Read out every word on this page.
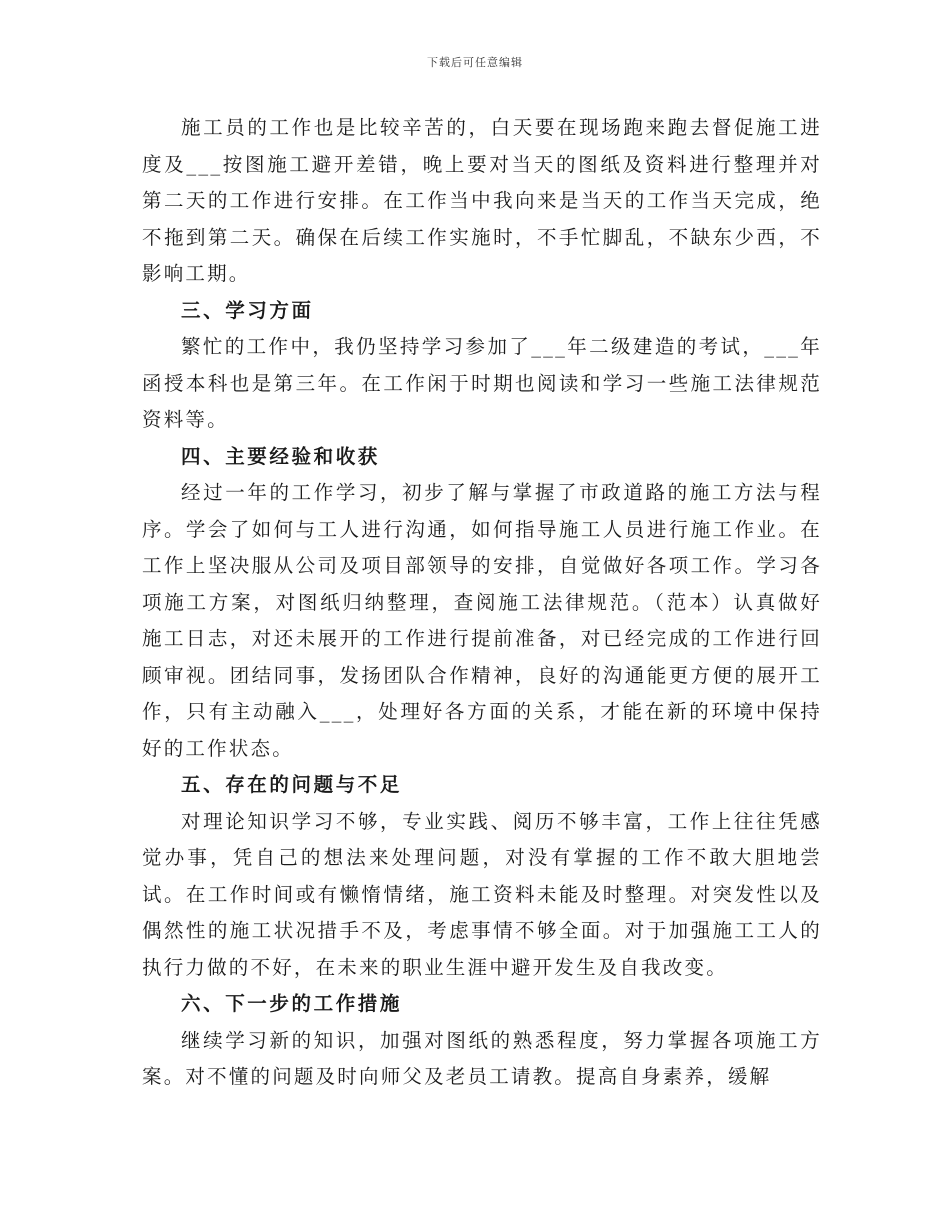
下载后可任意编辑

施工员的工作也是比较辛苦的，白天要在现场跑来跑去督促施工进度及___按图施工避开差错，晚上要对当天的图纸及资料进行整理并对第二天的工作进行安排。在工作当中我向来是当天的工作当天完成，绝不拖到第二天。确保在后续工作实施时，不手忙脚乱，不缺东少西，不影响工期。

三、学习方面

繁忙的工作中，我仍坚持学习参加了___年二级建造的考试，___年函授本科也是第三年。在工作闲于时期也阅读和学习一些施工法律规范资料等。

四、主要经验和收获

经过一年的工作学习，初步了解与掌握了市政道路的施工方法与程序。学会了如何与工人进行沟通，如何指导施工人员进行施工作业。在工作上坚决服从公司及项目部领导的安排，自觉做好各项工作。学习各项施工方案，对图纸归纳整理，查阅施工法律规范。（范本）认真做好施工日志，对还未展开的工作进行提前准备，对已经完成的工作进行回顾审视。团结同事，发扬团队合作精神，良好的沟通能更方便的展开工作，只有主动融入___，处理好各方面的关系，才能在新的环境中保持好的工作状态。

五、存在的问题与不足

对理论知识学习不够，专业实践、阅历不够丰富，工作上往往凭感觉办事，凭自己的想法来处理问题，对没有掌握的工作不敢大胆地尝试。在工作时间或有懒惰情绪，施工资料未能及时整理。对突发性以及偶然性的施工状况措手不及，考虑事情不够全面。对于加强施工工人的执行力做的不好，在未来的职业生涯中避开发生及自我改变。

六、下一步的工作措施

继续学习新的知识，加强对图纸的熟悉程度，努力掌握各项施工方案。对不懂的问题及时向师父及老员工请教。提高自身素养，缓解
